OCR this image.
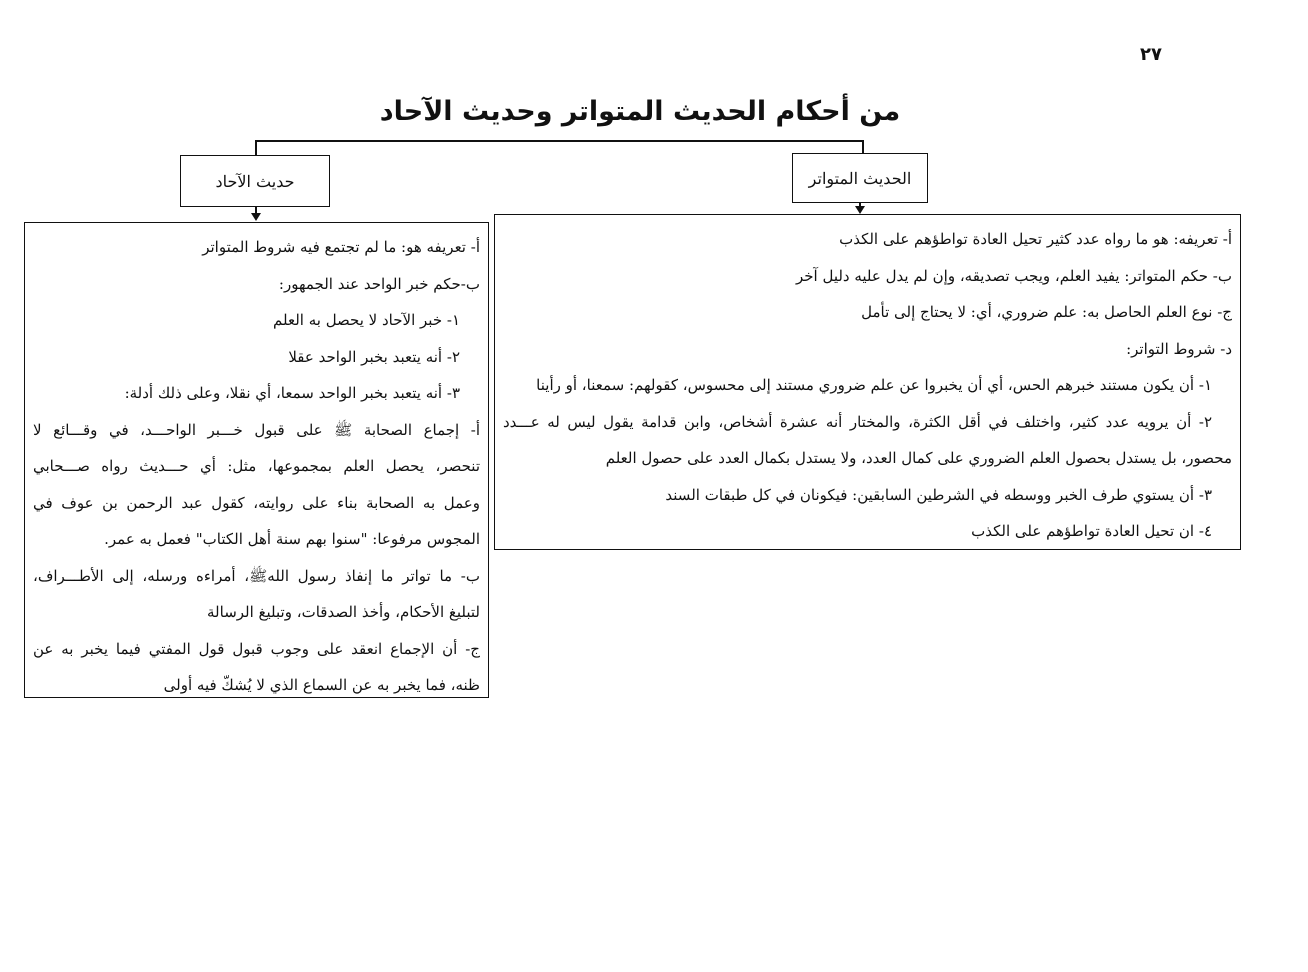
٢٧
من أحكام الحديث المتواتر وحديث الآحاد
حديث الآحاد	الحديث المتواتر
أ- تعريفه: هو ما رواه عدد كثير تحيل العادة تواطؤهم على الكذب
ب- حكم المتواتر: يفيد العلم، ويجب تصديقه، وإن لم يدل عليه دليل آخر
ج- نوع العلم الحاصل به: علم ضروري، أي: لا يحتاج إلى تأمل
د- شروط التواتر:
١- أن يكون مستند خبرهم الحس، أي أن يخبروا عن علم ضروري مستند إلى محسوس، كقولهم: سمعنا، أو رأينا
٢- أن يرويه عدد كثير، واختلف في أقل الكثرة، والمختار أنه عشرة أشخاص، وابن قدامة يقول ليس له عـــدد
محصور، بل يستدل بحصول العلم الضروري على كمال العدد، ولا يستدل بكمال العدد على حصول العلم
٣- أن يستوي طرف الخبر ووسطه في الشرطين السابقين: فيكونان في كل طبقات السند
٤- ان تحيل العادة تواطؤهم على الكذب
أ- تعريفه هو: ما لم تجتمع فيه شروط المتواتر
ب-حكم خبر الواحد عند الجمهور:
١- خبر الآحاد لا يحصل به العلم
٢- أنه يتعبد بخبر الواحد عقلا
٣- أنه يتعبد بخبر الواحد سمعا، أي نقلا، وعلى ذلك أدلة:
أ- إجماع الصحابة ﷺ على قبول خـــبر الواحـــد، في وقـــائع لا
تنحصر، يحصل العلم بمجموعها، مثل: أي حـــديث رواه صـــحابي
وعمل به الصحابة بناء على روايته، كقول عبد الرحمن بن عوف في
المجوس مرفوعا: "سنوا بهم سنة أهل الكتاب" فعمل به عمر.
ب- ما تواتر ما إنفاذ رسول اللهﷺ، أمراءه ورسله، إلى الأطـــراف،
لتبليغ الأحكام، وأخذ الصدقات، وتبليغ الرسالة
ج- أن الإجماع انعقد على وجوب قبول قول المفتي فيما يخبر به عن
ظنه، فما يخبر به عن السماع الذي لا يُشكّ فيه أولى
